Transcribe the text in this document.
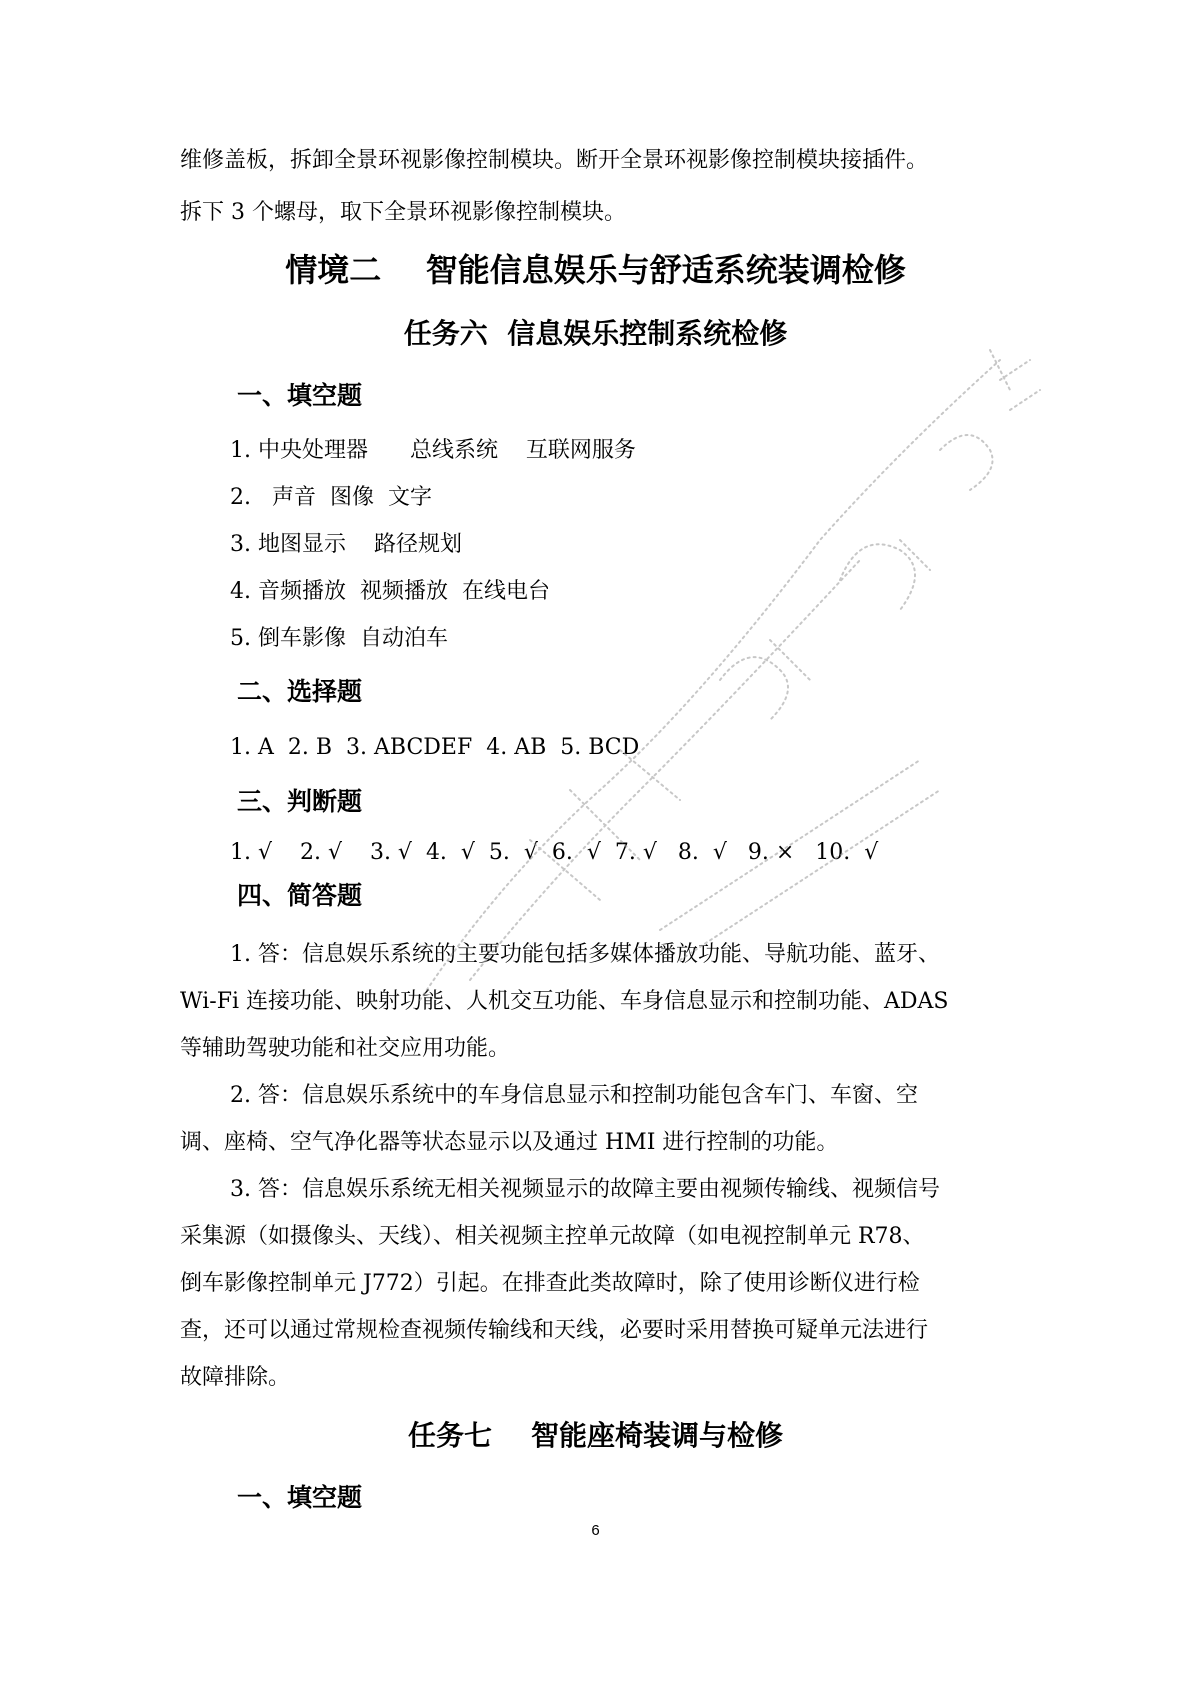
维修盖板，拆卸全景环视影像控制模块。断开全景环视影像控制模块接插件。
拆下 3 个螺母，取下全景环视影像控制模块。
情境二    智能信息娱乐与舒适系统装调检修
任务六  信息娱乐控制系统检修
一、填空题
1. 中央处理器      总线系统    互联网服务
2.   声音  图像  文字
3. 地图显示    路径规划
4. 音频播放  视频播放  在线电台
5. 倒车影像  自动泊车
二、选择题
1. A  2. B  3. ABCDEF  4. AB  5. BCD
三、判断题
1. √    2. √    3. √  4.  √  5.  √  6.  √  7. √   8.  √   9. ×   10.  √
四、简答题
1. 答：信息娱乐系统的主要功能包括多媒体播放功能、导航功能、蓝牙、
Wi-Fi 连接功能、映射功能、人机交互功能、车身信息显示和控制功能、ADAS
等辅助驾驶功能和社交应用功能。
2. 答：信息娱乐系统中的车身信息显示和控制功能包含车门、车窗、空
调、座椅、空气净化器等状态显示以及通过 HMI 进行控制的功能。
3. 答：信息娱乐系统无相关视频显示的故障主要由视频传输线、视频信号
采集源（如摄像头、天线）、相关视频主控单元故障（如电视控制单元 R78、
倒车影像控制单元 J772）引起。在排查此类故障时，除了使用诊断仪进行检
查，还可以通过常规检查视频传输线和天线，必要时采用替换可疑单元法进行
故障排除。
任务七    智能座椅装调与检修
一、填空题
6
